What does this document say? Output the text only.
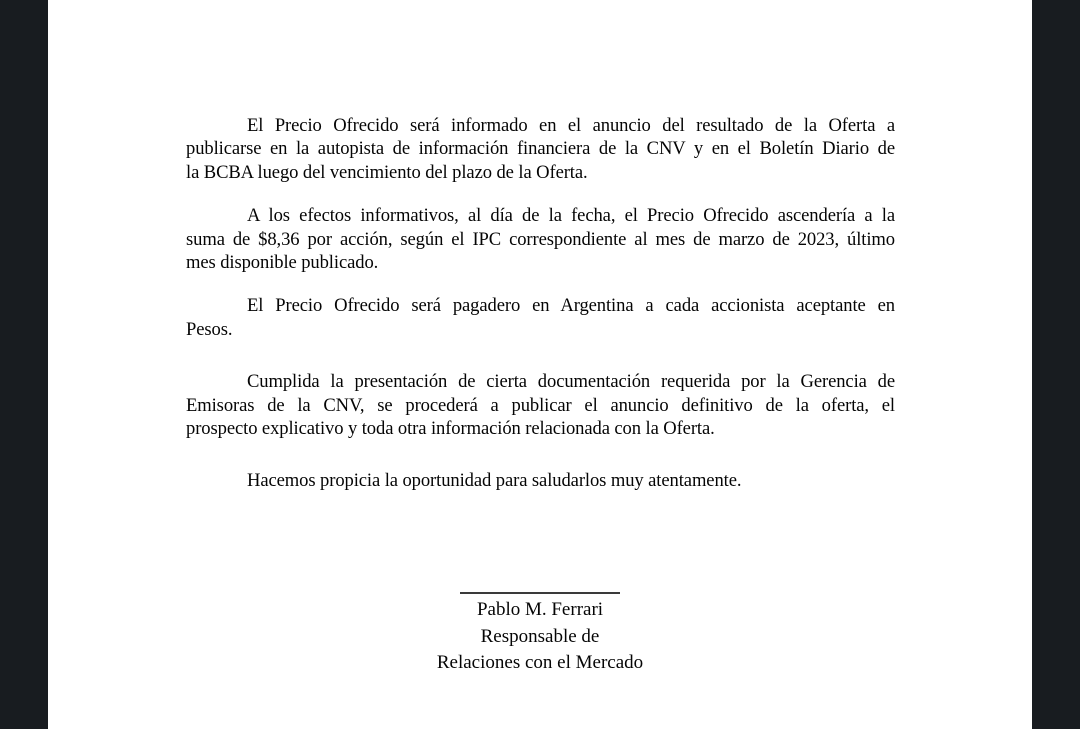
El Precio Ofrecido será informado en el anuncio del resultado de la Oferta a
publicarse en la autopista de información financiera de la CNV y en el Boletín Diario de
la BCBA luego del vencimiento del plazo de la Oferta.
A los efectos informativos, al día de la fecha, el Precio Ofrecido ascendería a la
suma de $8,36 por acción, según el IPC correspondiente al mes de marzo de 2023, último
mes disponible publicado.
El Precio Ofrecido será pagadero en Argentina a cada accionista aceptante en
Pesos.
Cumplida la presentación de cierta documentación requerida por la Gerencia de
Emisoras de la CNV, se procederá a publicar el anuncio definitivo de la oferta, el
prospecto explicativo y toda otra información relacionada con la Oferta.
Hacemos propicia la oportunidad para saludarlos muy atentamente.
Pablo M. Ferrari
Responsable de
Relaciones con el Mercado
